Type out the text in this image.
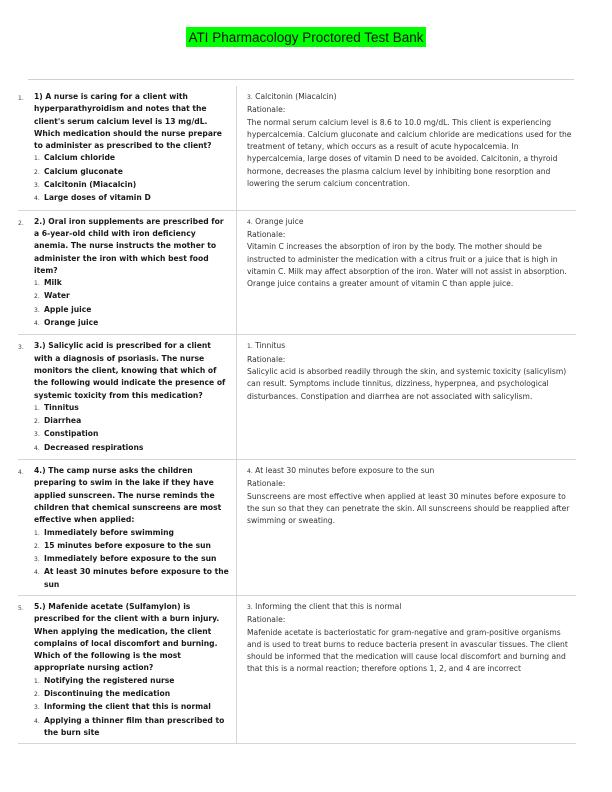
ATI Pharmacology Proctored Test Bank
1.	1) A nurse is caring for a client with hyperparathyroidism and notes that the client's serum calcium level is 13 mg/dL. Which medication should the nurse prepare to administer as prescribed to the client?
1. Calcium chloride
2. Calcium gluconate
3. Calcitonin (Miacalcin)
4. Large doses of vitamin D
3. Calcitonin (Miacalcin)
Rationale:
The normal serum calcium level is 8.6 to 10.0 mg/dL. This client is experiencing hypercalcemia. Calcium gluconate and calcium chloride are medications used for the treatment of tetany, which occurs as a result of acute hypocalcemia. In hypercalcemia, large doses of vitamin D need to be avoided. Calcitonin, a thyroid hormone, decreases the plasma calcium level by inhibiting bone resorption and lowering the serum calcium concentration.
2.	2.) Oral iron supplements are prescribed for a 6-year-old child with iron deficiency anemia. The nurse instructs the mother to administer the iron with which best food item?
1. Milk
2. Water
3. Apple juice
4. Orange juice
4. Orange juice
Rationale:
Vitamin C increases the absorption of iron by the body. The mother should be instructed to administer the medication with a citrus fruit or a juice that is high in vitamin C. Milk may affect absorption of the iron. Water will not assist in absorption. Orange juice contains a greater amount of vitamin C than apple juice.
3.	3.) Salicylic acid is prescribed for a client with a diagnosis of psoriasis. The nurse monitors the client, knowing that which of the following would indicate the presence of systemic toxicity from this medication?
1. Tinnitus
2. Diarrhea
3. Constipation
4. Decreased respirations
1. Tinnitus
Rationale:
Salicylic acid is absorbed readily through the skin, and systemic toxicity (salicylism) can result. Symptoms include tinnitus, dizziness, hyperpnea, and psychological disturbances. Constipation and diarrhea are not associated with salicylism.
4.	4.) The camp nurse asks the children preparing to swim in the lake if they have applied sunscreen. The nurse reminds the children that chemical sunscreens are most effective when applied:
1. Immediately before swimming
2. 15 minutes before exposure to the sun
3. Immediately before exposure to the sun
4. At least 30 minutes before exposure to the sun
4. At least 30 minutes before exposure to the sun
Rationale:
Sunscreens are most effective when applied at least 30 minutes before exposure to the sun so that they can penetrate the skin. All sunscreens should be reapplied after swimming or sweating.
5.	5.) Mafenide acetate (Sulfamylon) is prescribed for the client with a burn injury. When applying the medication, the client complains of local discomfort and burning. Which of the following is the most appropriate nursing action?
1. Notifying the registered nurse
2. Discontinuing the medication
3. Informing the client that this is normal
4. Applying a thinner film than prescribed to the burn site
3. Informing the client that this is normal
Rationale:
Mafenide acetate is bacteriostatic for gram-negative and gram-positive organisms and is used to treat burns to reduce bacteria present in avascular tissues. The client should be informed that the medication will cause local discomfort and burning and that this is a normal reaction; therefore options 1, 2, and 4 are incorrect
